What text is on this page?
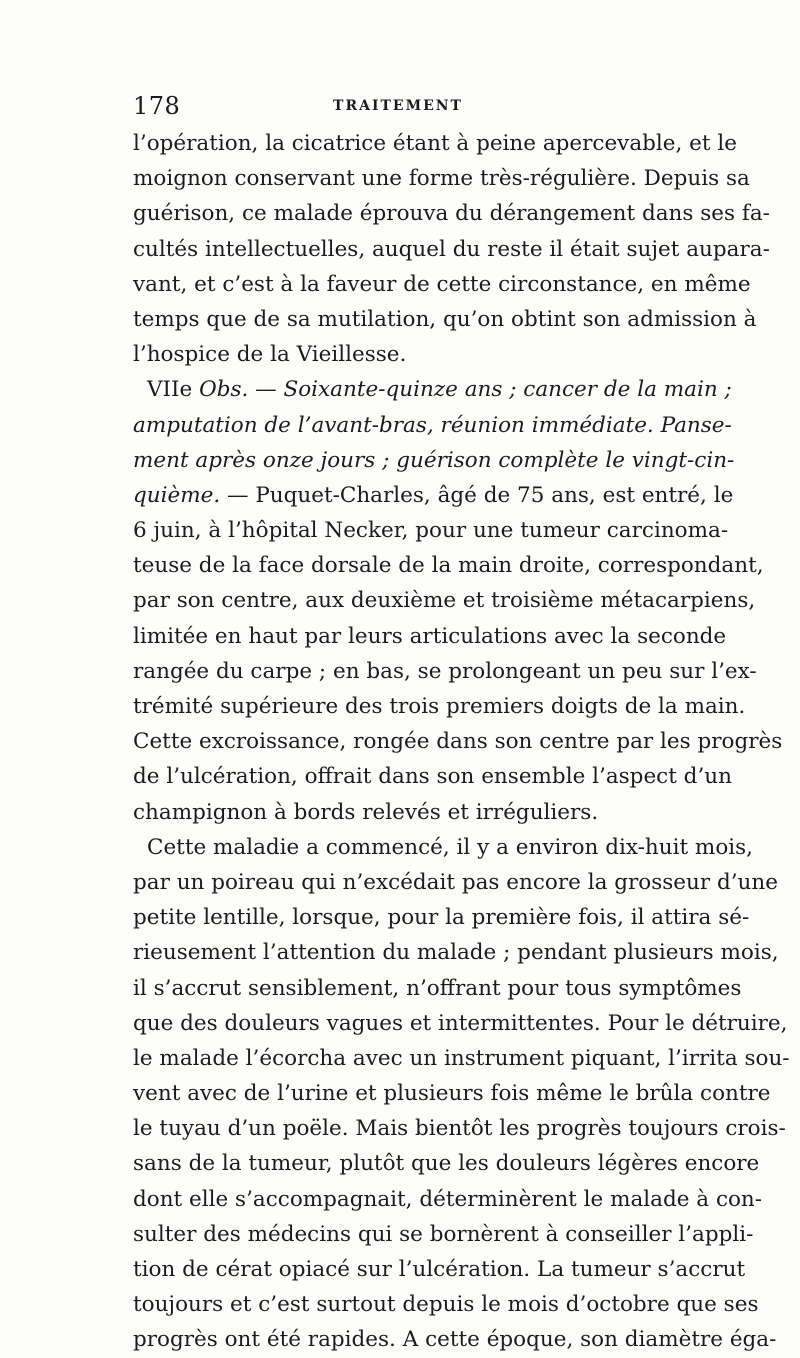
178	TRAITEMENT
l’opération, la cicatrice étant à peine apercevable, et le
moignon conservant une forme très-régulière. Depuis sa
guérison, ce malade éprouva du dérangement dans ses fa-
cultés intellectuelles, auquel du reste il était sujet aupara-
vant, et c’est à la faveur de cette circonstance, en même
temps que de sa mutilation, qu’on obtint son admission à
l’hospice de la Vieillesse.
VIIe Obs. — Soixante-quinze ans ; cancer de la main ;
amputation de l’avant-bras, réunion immédiate. Panse-
ment après onze jours ; guérison complète le vingt-cin-
quième. — Puquet-Charles, âgé de 75 ans, est entré, le
6 juin, à l’hôpital Necker, pour une tumeur carcinoma-
teuse de la face dorsale de la main droite, correspondant,
par son centre, aux deuxième et troisième métacarpiens,
limitée en haut par leurs articulations avec la seconde
rangée du carpe ; en bas, se prolongeant un peu sur l’ex-
trémité supérieure des trois premiers doigts de la main.
Cette excroissance, rongée dans son centre par les progrès
de l’ulcération, offrait dans son ensemble l’aspect d’un
champignon à bords relevés et irréguliers.
Cette maladie a commencé, il y a environ dix-huit mois,
par un poireau qui n’excédait pas encore la grosseur d’une
petite lentille, lorsque, pour la première fois, il attira sé-
rieusement l’attention du malade ; pendant plusieurs mois,
il s’accrut sensiblement, n’offrant pour tous symptômes
que des douleurs vagues et intermittentes. Pour le détruire,
le malade l’écorcha avec un instrument piquant, l’irrita sou-
vent avec de l’urine et plusieurs fois même le brûla contre
le tuyau d’un poële. Mais bientôt les progrès toujours crois-
sans de la tumeur, plutôt que les douleurs légères encore
dont elle s’accompagnait, déterminèrent le malade à con-
sulter des médecins qui se bornèrent à conseiller l’appli-
tion de cérat opiacé sur l’ulcération. La tumeur s’accrut
toujours et c’est surtout depuis le mois d’octobre que ses
progrès ont été rapides. A cette époque, son diamètre éga-
